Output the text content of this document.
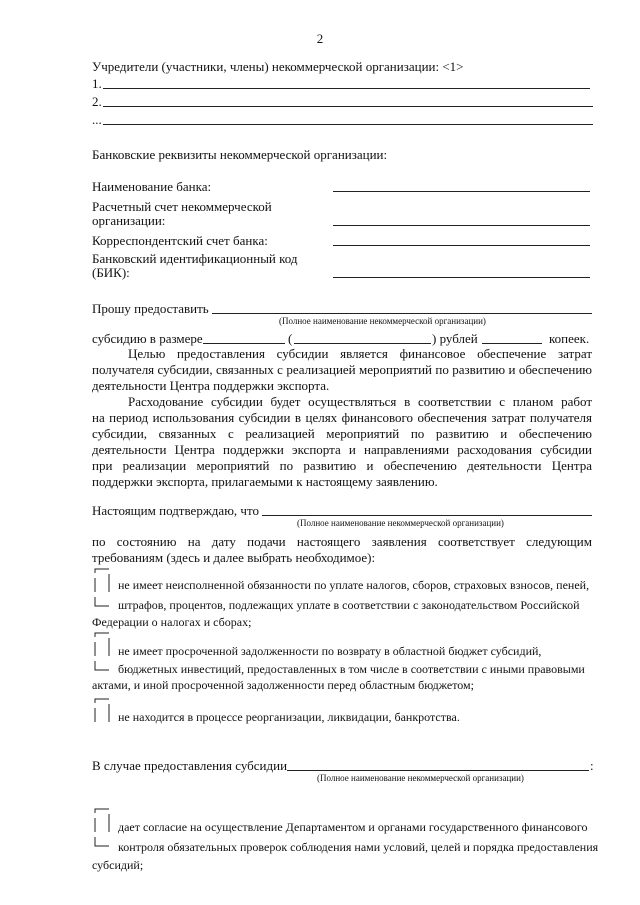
2
Учредители (участники, члены) некоммерческой организации: <1>
1.
2.
...
Банковские реквизиты некоммерческой организации:
Наименование банка:
Расчетный счет некоммерческой
организации:
Корреспондентский счет банка:
Банковский идентификационный код
(БИК):
Прошу предоставить
(Полное наименование некоммерческой организации)
субсидию в размере	(	) рублей	копеек.
Целью предоставления субсидии является финансовое обеспечение затрат
получателя субсидии, связанных с реализацией мероприятий по развитию и обеспечению
деятельности Центра поддержки экспорта.
Расходование субсидии будет осуществляться в соответствии с планом работ
на период использования субсидии в целях финансового обеспечения затрат получателя
субсидии, связанных с реализацией мероприятий по развитию и обеспечению
деятельности Центра поддержки экспорта и направлениями расходования субсидии
при реализации мероприятий по развитию и обеспечению деятельности Центра
поддержки экспорта, прилагаемыми к настоящему заявлению.
Настоящим подтверждаю, что
(Полное наименование некоммерческой организации)
по состоянию на дату подачи настоящего заявления соответствует следующим
требованиям (здесь и далее выбрать необходимое):
не имеет неисполненной обязанности по уплате налогов, сборов, страховых взносов, пеней,
штрафов, процентов, подлежащих уплате в соответствии с законодательством Российской
Федерации о налогах и сборах;
не имеет просроченной задолженности по возврату в областной бюджет субсидий,
бюджетных инвестиций, предоставленных в том числе в соответствии с иными правовыми
актами, и иной просроченной задолженности перед областным бюджетом;
не находится в процессе реорганизации, ликвидации, банкротства.
В случае предоставления субсидии	:
(Полное наименование некоммерческой организации)
дает согласие на осуществление Департаментом и органами государственного финансового
контроля обязательных проверок соблюдения нами условий, целей и порядка предоставления
субсидий;
